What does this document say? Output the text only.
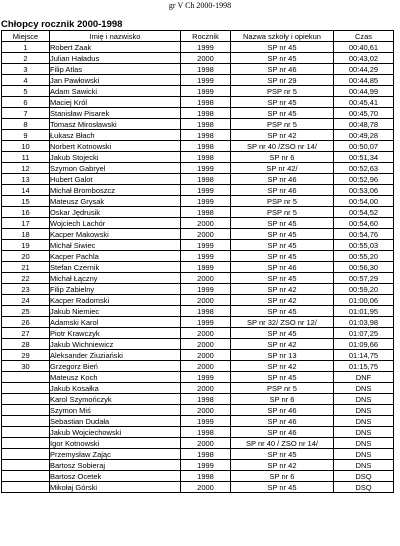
gr V Ch 2000-1998
Chłopcy rocznik 2000-1998
Miejsce	Imię i nazwisko	Rocznik	Nazwa szkoły i opiekun	Czas
1	Robert Zaak	1999	SP nr 45	00:40,61
2	Julian Haładus	2000	SP nr 45	00:43,02
3	Filip Atlas	1998	SP nr 46	00:44,29
4	Jan Pawłowski	1999	SP nr 29	00:44,85
5	Adam Sawicki	1999	PSP nr 5	00:44,99
6	Maciej Król	1998	SP nr 45	00:45,41
7	Stanisław Pisarek	1998	SP nr 45	00:45,70
8	Tomasz Mirosławski	1998	PSP nr 5	00:48,78
9	Łukasz Błach	1998	SP nr 42	00:49,28
10	Norbert Kotnowski	1998	SP nr 40 /ZSO nr 14/	00:50,07
11	Jakub Stojecki	1998	SP nr 6	00:51,34
12	Szymon Gabryel	1999	SP nr 42/	00:52,63
13	Hubert Galot	1998	SP nr 46	00:52,96
14	Michał Bromboszcz	1999	SP nr 46	00:53,06
15	Mateusz Grysak	1999	PSP nr 5	00:54,00
16	Oskar Jędrusik	1998	PSP nr 5	00:54,52
17	Wojciech Lachór	2000	SP nr 45	00:54,60
18	Kacper Makowski	2000	SP nr 45	00:54,76
19	Michał Siwiec	1999	SP nr 45	00:55,03
20	Kacper Pachla	1999	SP nr 45	00:55,20
21	Stefan Czernik	1999	SP nr 46	00:56,30
22	Michał Łączny	2000	SP nr 45	00:57,29
23	Filip Zabielny	1999	SP nr 42	00:59,20
24	Kacper Radomski	2000	SP nr 42	01:00,06
25	Jakub Niemiec	1998	SP nr 45	01:01,95
26	Adamski Karol	1999	SP nr 32/ ZSO nr 12/	01:03,98
27	Piotr Krawczyk	2000	SP nr 45	01:07,25
28	Jakub Wichniewicz	2000	SP nr 42	01:09,66
29	Aleksander Ziuziański	2000	SP nr 13	01:14,75
30	Grzegorz Bień	2000	SP nr 42	01:15,75
	Mateusz Koch	1999	SP nr 45	DNF
	Jakub Kosałka	2000	PSP nr 5	DNS
	Karol Szymończyk	1998	SP nr 6	DNS
	Szymon Miś	2000	SP nr 46	DNS
	Sebastian Dudała	1999	SP nr 46	DNS
	Jakub Wojciechowski	1998	SP nr 46	DNS
	Igor Kotnowski	2000	SP nr 40 / ZSO nr 14/	DNS
	Przemysław Zając	1998	SP nr 45	DNS
	Bartosz Sobieraj	1999	SP nr 42	DNS
	Bartosz Ocetek	1998	SP nr 6	DSQ
	Mikołaj Górski	2000	SP nr 45	DSQ
